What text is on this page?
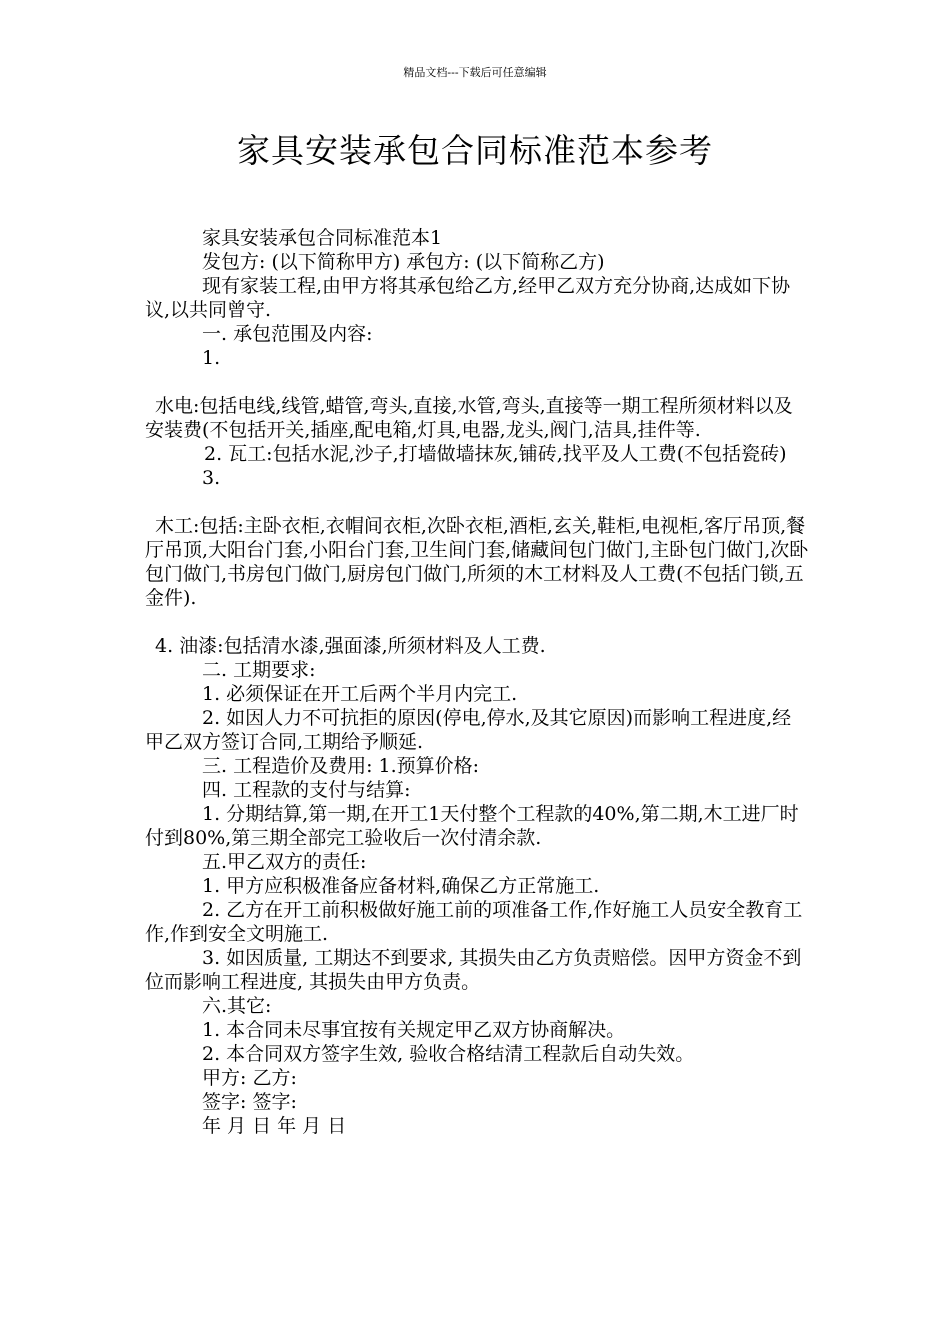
精品文档---下载后可任意编辑
家具安装承包合同标准范本参考

家具安装承包合同标准范本1

发包方: (以下简称甲方) 承包方: (以下简称乙方)

现有家装工程,由甲方将其承包给乙方,经甲乙双方充分协商,达成如下协议,以共同曾守.

一. 承包范围及内容:

1.

水电:包括电线,线管,蜡管,弯头,直接,水管,弯头,直接等一期工程所须材料以及安装费(不包括开关,插座,配电箱,灯具,电器,龙头,阀门,洁具,挂件等.

2. 瓦工:包括水泥,沙子,打墙做墙抹灰,铺砖,找平及人工费(不包括瓷砖)

3.

木工:包括:主卧衣柜,衣帽间衣柜,次卧衣柜,酒柜,玄关,鞋柜,电视柜,客厅吊顶,餐厅吊顶,大阳台门套,小阳台门套,卫生间门套,储藏间包门做门,主卧包门做门,次卧包门做门,书房包门做门,厨房包门做门,所须的木工材料及人工费(不包括门锁,五金件).

4. 油漆:包括清水漆,强面漆,所须材料及人工费.

二. 工期要求:

1. 必须保证在开工后两个半月内完工.

2. 如因人力不可抗拒的原因(停电,停水,及其它原因)而影响工程进度,经甲乙双方签订合同,工期给予顺延.

三. 工程造价及费用: 1.预算价格:

四. 工程款的支付与结算:

1. 分期结算,第一期,在开工1天付整个工程款的40%,第二期,木工进厂时付到80%,第三期全部完工验收后一次付清余款.

五.甲乙双方的责任:

1. 甲方应积极准备应备材料,确保乙方正常施工.

2. 乙方在开工前积极做好施工前的项准备工作,作好施工人员安全教育工作,作到安全文明施工.

3. 如因质量, 工期达不到要求, 其损失由乙方负责赔偿。因甲方资金不到位而影响工程进度, 其损失由甲方负责。

六.其它:

1. 本合同未尽事宜按有关规定甲乙双方协商解决。

2. 本合同双方签字生效, 验收合格结清工程款后自动失效。

甲方: 乙方:

签字: 签字:

年 月 日 年 月 日
